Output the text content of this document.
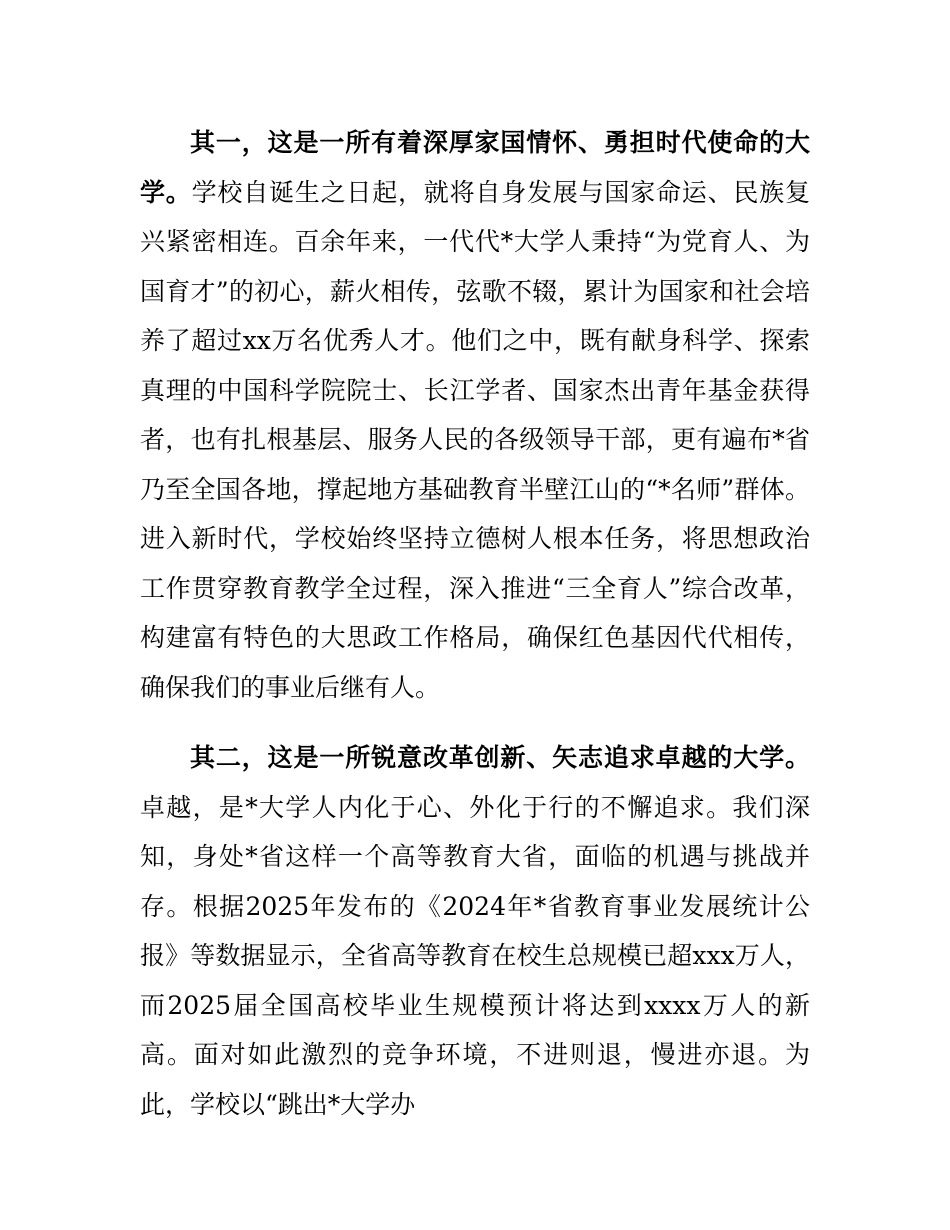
其一，这是一所有着深厚家国情怀、勇担时代使命的大学。学校自诞生之日起，就将自身发展与国家命运、民族复兴紧密相连。百余年来，一代代*大学人秉持“为党育人、为国育才”的初心，薪火相传，弦歌不辍，累计为国家和社会培养了超过xx万名优秀人才。他们之中，既有献身科学、探索真理的中国科学院院士、长江学者、国家杰出青年基金获得者，也有扎根基层、服务人民的各级领导干部，更有遍布*省乃至全国各地，撑起地方基础教育半壁江山的“*名师”群体。进入新时代，学校始终坚持立德树人根本任务，将思想政治工作贯穿教育教学全过程，深入推进“三全育人”综合改革，构建富有特色的大思政工作格局，确保红色基因代代相传，确保我们的事业后继有人。

其二，这是一所锐意改革创新、矢志追求卓越的大学。卓越，是*大学人内化于心、外化于行的不懈追求。我们深知，身处*省这样一个高等教育大省，面临的机遇与挑战并存。根据2025年发布的《2024年*省教育事业发展统计公报》等数据显示，全省高等教育在校生总规模已超xxx万人，而2025届全国高校毕业生规模预计将达到xxxx万人的新高。面对如此激烈的竞争环境，不进则退，慢进亦退。为此，学校以“跳出*大学办
